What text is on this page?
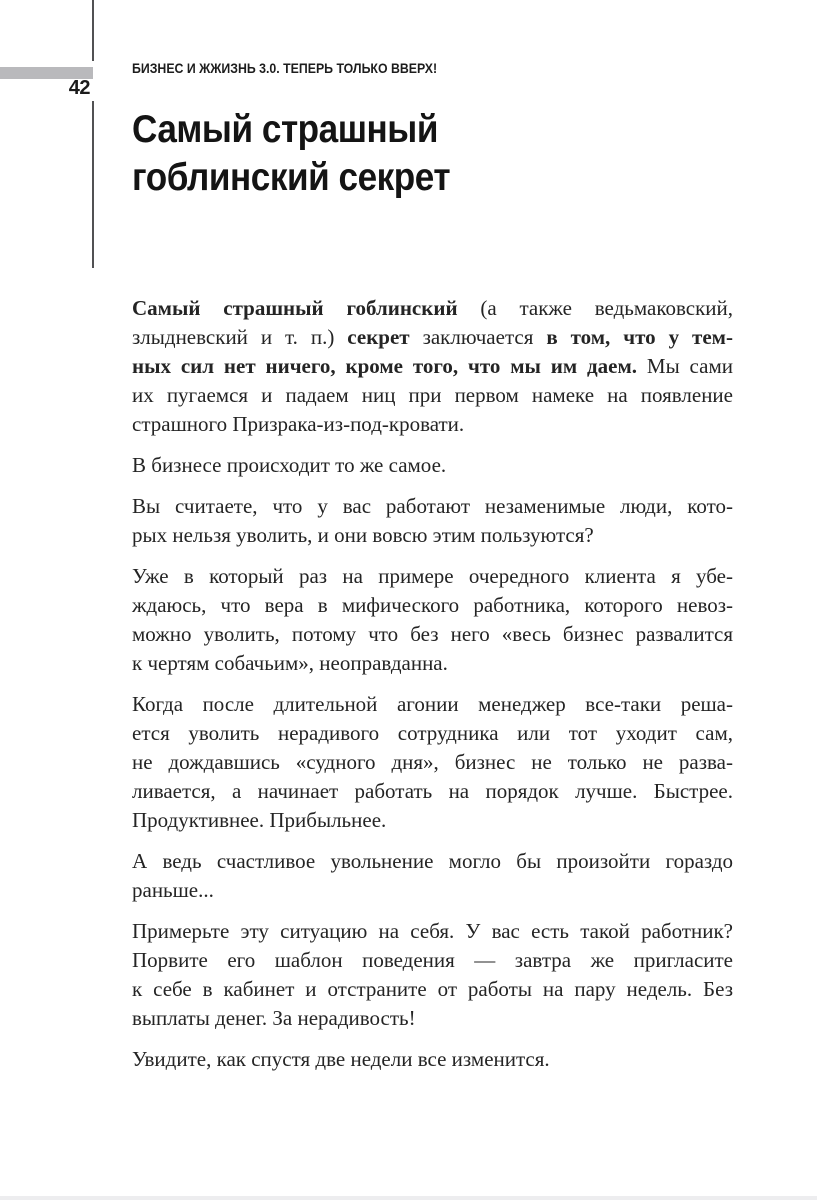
42
БИЗНЕС И ЖЖИЗНЬ 3.0. ТЕПЕРЬ ТОЛЬКО ВВЕРХ!
Самый страшный
гоблинский секрет

Самый страшный гоблинский (а также ведьмаковский,
злыдневский и т. п.) секрет заключается в том, что у тем-
ных сил нет ничего, кроме того, что мы им даем. Мы сами
их пугаемся и падаем ниц при первом намеке на появление
страшного Призрака-из-под-кровати.

В бизнесе происходит то же самое.

Вы считаете, что у вас работают незаменимые люди, кото-
рых нельзя уволить, и они вовсю этим пользуются?

Уже в который раз на примере очередного клиента я убе-
ждаюсь, что вера в мифического работника, которого невоз-
можно уволить, потому что без него «весь бизнес развалится
к чертям собачьим», неоправданна.

Когда после длительной агонии менеджер все-таки реша-
ется уволить нерадивого сотрудника или тот уходит сам,
не дождавшись «судного дня», бизнес не только не разва-
ливается, а начинает работать на порядок лучше. Быстрее.
Продуктивнее. Прибыльнее.

А ведь счастливое увольнение могло бы произойти гораздо
раньше...

Примерьте эту ситуацию на себя. У вас есть такой работник?
Порвите его шаблон поведения — завтра же пригласите
к себе в кабинет и отстраните от работы на пару недель. Без
выплаты денег. За нерадивость!

Увидите, как спустя две недели все изменится.
